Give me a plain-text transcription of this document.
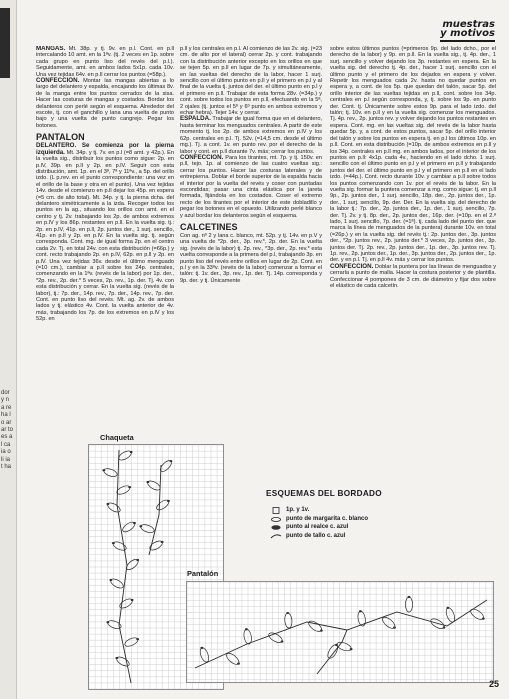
dor y n a re ha lo ar ar to es al ca ia o li ia t ha
muestras
y motivos
MANGAS. Mt. 38p. y tj. 9v. en p.l. Cont. en p.ll intercalando 10 amt. en la 1ªv. (tj. 2 veces en 1p. sobre cada grupo en punto liso del revés del p.l.). Seguidamente, amt. en ambos lados 5x1p. cada 10v. Una vez tejidas 64v. en p.ll cerrar los puntos (=58p.).
CONFECCION. Montar las mangas abiertas a lo largo del delantero y espalda, encajando los últimas 8v. de la manga entre los puntos cerrados de la sisa. Hacer las costuras de mangas y costados. Bordar los delanteros con perlé según el esquema. Alrededor del escote, tj. con el ganchillo y lana una vuelta de punto bajo y una vuelta de punto cangrejo. Pegar los botones.

PANTALON
DELANTERO. Se comienza por la pierna izquierda. Mt. 34p. y tj. 7v. en p.l (=8 amt. y 42p.). En la vuelta sig., distribuir los puntos como sigue: 2p. en p.lV, 39p. en p.ll y 2p. en p.lV. Seguir con esta distribución, amt. 1p. en el 3ª, 7ª y 11ªv., a 5p. del orillo izdo. (L p.rev. en el punto correspondiente: una vez en el orillo de la base y otra en el punto). Una vez tejidas 14v. desde el comienzo en p.ll dejar los 45p. en espera (=5 cm. de alto total). Mt. 34p. y tj. la pierna dcha. del delantero simétricamente a la izda. Recoger todos los puntos en la ag., situando los orillos con amt. en el centro y tj. 2v. trabajando los 2p. de ambos extremos en p.lV y los 86p. restantes en p.ll. En la vuelta sig. tj.: 2p. en p.lV, 41p. en p.ll, 2p. juntos der., 1 surj. sencillo, 41p. en p.ll y 2p. en p.lV. En la vuelta sig. tj. según corresponda. Cont. mg. de igual forma 2p. en el centro cada 2v. Tj. en total 24v. con esta distribución (=66p.) y cont. recto trabajando 2p. en p.lV, 62p. en p.ll y 2p. en p.lV. Una vez tejidas 36v. desde el último menguado (=10 cm.), cambiar a p.ll sobre los 24p. centrales, comenzando en la 1ªv. (revés de la labor) por 1p. der., *2p. rev., 2p. der.* 5 veces, 2p. rev., 1p. der. Tj. 4v. con esta distribución y cerrar. En la vuelta sig. (revés de la labor), tj.: 7p. der., 14p. rev., 7p. der., 14p. rev., 7p. der. Cont. en punto liso del revés. Mt. ag. 2v. de ambos lados y tj. elástico 4v. Cont. la vuelta anterior de 4v. más, trabajando los 7p. de los extremos en p.lV y los 52p. en
p.ll y los centrales en p.l. Al comienzo de las 2v. sig. (=23 cm. de alto por el lateral) cerrar 2p. y cont. trabajando con la distribución anterior excepto en los orillos en que se tejen 5p. en p.ll en lugar de 7p. y simultáneamente, en las vueltas del derecho de la labor, hacer 1 surj. sencillo con el último punto en p.ll y el primero en p.l y al final de la vuelta tj. juntos del der. el último punto en p.l y el primero en p.ll. Trabajar de esta forma 28v. (=34p.) y cont. sobre todos los puntos en p.ll, efectuando en la 5ª, 2 ojales (tj. juntos el 5º y 6º punto en ambos extremos y echar hebra). Tejer 14v. y cerrar.
ESPALDA. Trabajar de igual forma que en el delantero, hasta terminar los menguados centrales. A partir de este momento tj. los 2p. de ambos extremos en p.lV y los 62p. centrales en p.l. Tj. 52v. (=14,5 cm. desde el último mg.). Tj. a cont. 1v. en punto rev. por el derecho de la labor y cont. en p.ll durante 7v. más; cerrar los puntos.
CONFECCION. Para los tirantes, mt. 7p. y tj. 150v. en p.ll, tejo. 1p. al comienzo de las cuatro vueltas sig.: cerrar los puntos. Hacer las costuras laterales y de entrepierna. Doblar el borde superior de la espalda hacia el interior por la vuelta del revés y coser con puntadas escondidas; pasar una cinta elástica por la jareta formada, fijándola en los costados. Coser el extremo recto de los tirantes por el interior de este dobladillo y pegar los botones en el opuesto. Utilizando perlé blanco y azul bordar los delanteros según el esquema.

CALCETINES
Con ag. nº 2 y lana c. blanco, mt. 52p. y tj. 14v. en p.V y una vuelta de *2p. der., 3p. rev.*, 2p. der. En la vuelta sig. (revés de la labor) tj. 2p. rev., *3p. der., 2p. rev.* esta vuelta corresponde a la primera del p.l, trabajando 3p. en punto liso del revés entre orillos en lugar de 2p. Cont. en p.l y en la 33ªv. (revés de la labor) comenzar a formar el talón: tj. 1v. der., 3p. rev., 1p. der. Tj. 14p. corresponda y 9p. der. y tj. Únicamente
sobre estos últimos puntos (=primeros 9p. del lado dcho., por el derecho de la labor) y 9p. en p.ll. En la vuelta sig., tj. 4p. der., 1 surj. sencillo y volver dejando los 3p. restantes en espera. En la vuelta sig. del derecho tj. 4p. der., hacer 1 surj. sencillo con el último punto y el primero de los dejados en espera y volver. Repetir los menguados cada 2v. hasta no quedar puntos en espera y, a cont. de los 5p. que quedan del talón, sacar 5p. del orillo interior de las vueltas tejidas en p.ll, cont. sobre los 34p. centrales en p.l según corresponda, y, tj. sobre los 9p. en punto der. Cont. tj. Únicamente sobre estos 9p. para el lado izdo. del talón; tj. 10v. en p.ll y en la vuelta sig. comenzar los menguados. Tj. 4p. rev., 2p. juntos rev. y volver dejando los puntos restantes en espera. Cont. mg. en las vueltas sig. del revés de la labor hasta quedar 5p. y, a cont. de estos puntos, sacar 5p. del orillo interior del talón y sobre los puntos en espera tj. en p.l los últimos 10p. en p.ll. Cont. en esta distribución (=10p. de ambos extremos en p.ll y los 34p. centrales en p.ll mg. en ambos lados, por el interior de los puntos en p.ll: 4x1p. cada 4v., haciendo en el lado dcho. 1 surj. sencillo con el último punto en p.l y el primero en p.ll y trabajando juntos del der. el último punto en p.l y el primero en p.ll en el lado izdo. (=44p.). Cont. recto durante 10v. y cambiar a p.ll sobre todos los puntos comenzando con 1v. por el revés de la labor. En la vuelta sig. formar la puntera comenzar a mg. como sigue: tj. en p.ll 9p., 2p. juntos der., 1 surj. sencillo, 18p. der., 2p. juntos der., 1p. der., 1 surj. sencillo, 9p. der. Der. En la vuelta sig. del derecho de la labor tj.: 7p. der., 2p. juntos der., 1p. der., 1 surj. sencillo, 7p. der. Tj. 2v. y tj. 8p. der., 2p. juntos der., 16p. der. (=10p. en el 2.ª lado, 1 surj. sencillo, 7p. der. (=1ª). tj. cada lado del punto der. que marca la línea de menguados de la puntera) durante 10v. en total (=26p.) y en la vuelta sig. del revés tj.: 2p. juntos der., 3p. juntos der., *2p. juntos rev., 2p. juntos der.* 3 veces, 2p. juntos der., 3p. juntos der. Tj. 2p. rev., 2p. juntos der., 1p. der., 3p. juntos rev. Tj. 1p. rev., 2p. juntos der., 1p. der., 3p. juntos der., 2p. juntos der., 1p. der. y en p.l. Tj. en p.ll 4v. más y cerrar los puntos.
CONFECCION. Doblar la puntera por las líneas de menguados y cerrarla a punto de malla. Hacer la costura posterior y de plantilla. Confeccionar 4 pompones de 3 cm. de diámetro y fijar dos sobre el elástico de cada calcetín.
Chaqueta
ESQUEMAS DEL BORDADO
1p. y 1v.
punto de margarita c. blanco
punto al realce c. azul
punto de tallo c. azul
Pantalón
25
